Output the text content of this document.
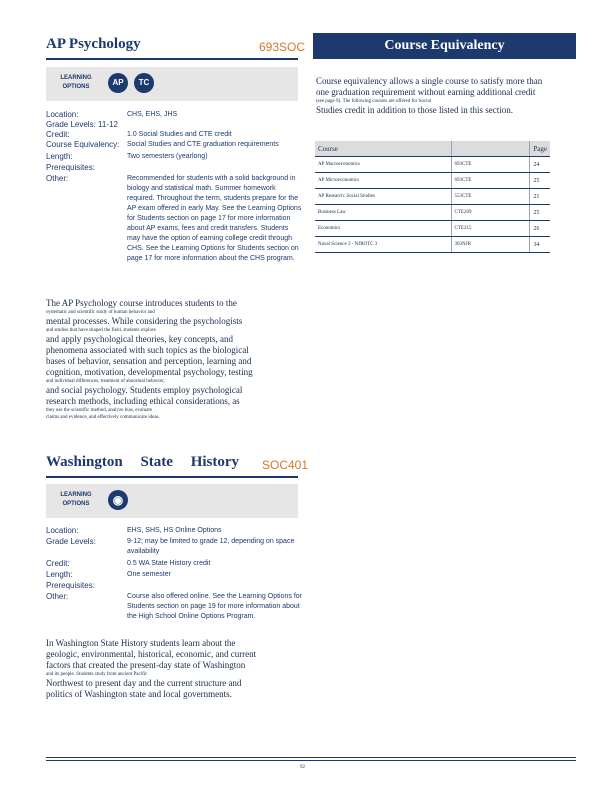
AP Psychology	693SOC
LEARNING OPTIONS	AP	TC
Location:	CHS, EHS, JHS
Grade Levels: 11-12
Credit:	1.0 Social Studies and CTE credit
Course Equivalency: Social Studies and CTE graduation requirements
Length:	Two semesters (yearlong)
Prerequisites:
Other:	Recommended for students with a solid background in biology and statistical math. Summer homework required. Throughout the term, students prepare for the AP exam offered in early May. See the Learning Options for Students section on page 17 for more information about AP exams, fees and credit transfers. Students may have the option of earning college credit through CHS. See the Learning Options for Students section on page 17 for more information about the CHS program.
The AP Psychology course introduces students to the
systematic and scientific study of human behavior and
mental processes. While considering the psychologists
and studies that have shaped the field, students explore
and apply psychological theories, key concepts, and
phenomena associated with such topics as the biological
bases of behavior, sensation and perception, learning and
cognition, motivation, developmental psychology, testing
and individual differences, treatment of abnormal behavior,
and social psychology. Students employ psychological
research methods, including ethical considerations, as
they use the scientific method, analyze bias, evaluate
claims and evidence, and effectively communicate ideas.
Washington State History SOC401
LEARNING OPTIONS	◉
Location:	EHS, SHS, HS Online Options
Grade Levels:	9-12; may be limited to grade 12, depending on space availability
Credit:	0.5 WA State History credit
Length:	One semester
Prerequisites:
Other:	Course also offered online. See the Learning Options for Students section on page 19 for more information about the High School Online Options Program.
In Washington State History students learn about the
geologic, environmental, historical, economic, and current
factors that created the present-day state of Washington
and its people. Students study from ancient Pacific
Northwest to present day and the current structure and
politics of Washington state and local governments.
Course Equivalency
Course equivalency allows a single course to satisfy more than
one graduation requirement without earning additional credit
(see page 9). The following courses are offered for Social
Studies credit in addition to those listed in this section.
Course		Page
AP Macroeconomics	693CTE	24
AP Microeconomics	693CTE	25
AP Research: Social Studies	553CTE	21
Business Law	CTE209	25
Economics	CTE215	26
Naval Science 3 - NJROTC 3	303NJR	34
92
